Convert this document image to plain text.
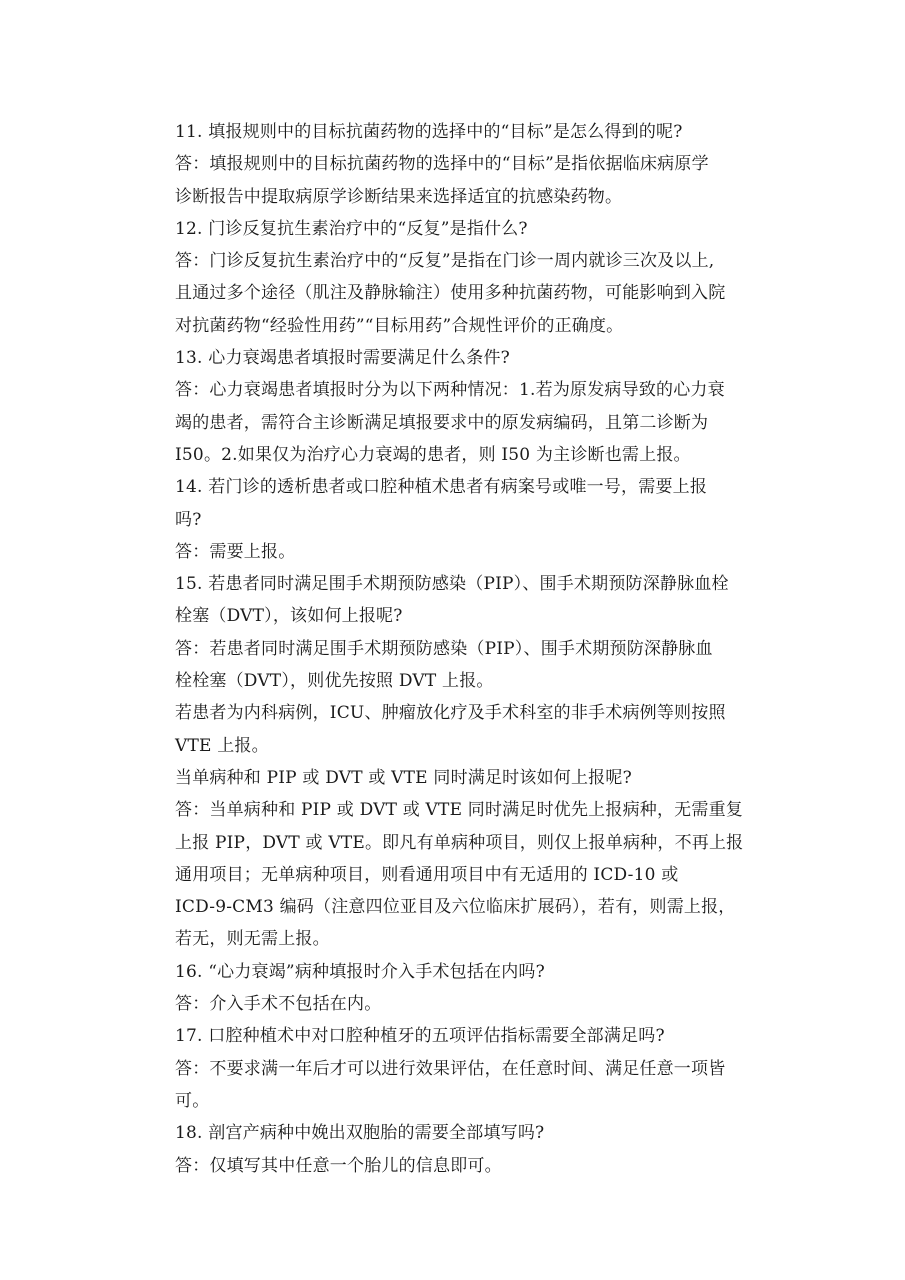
11. 填报规则中的目标抗菌药物的选择中的“目标”是怎么得到的呢?
答：填报规则中的目标抗菌药物的选择中的“目标”是指依据临床病原学
诊断报告中提取病原学诊断结果来选择适宜的抗感染药物。
12. 门诊反复抗生素治疗中的“反复”是指什么?
答：门诊反复抗生素治疗中的“反复”是指在门诊一周内就诊三次及以上,
且通过多个途径（肌注及静脉输注）使用多种抗菌药物，可能影响到入院
对抗菌药物“经验性用药”“目标用药”合规性评价的正确度。
13. 心力衰竭患者填报时需要满足什么条件?
答：心力衰竭患者填报时分为以下两种情况：1.若为原发病导致的心力衰
竭的患者，需符合主诊断满足填报要求中的原发病编码，且第二诊断为
I50。2.如果仅为治疗心力衰竭的患者，则 I50 为主诊断也需上报。
14. 若门诊的透析患者或口腔种植术患者有病案号或唯一号，需要上报
吗?
答：需要上报。
15. 若患者同时满足围手术期预防感染（PIP）、围手术期预防深静脉血栓
栓塞（DVT），该如何上报呢?
答：若患者同时满足围手术期预防感染（PIP）、围手术期预防深静脉血
栓栓塞（DVT），则优先按照 DVT 上报。
若患者为内科病例，ICU、肿瘤放化疗及手术科室的非手术病例等则按照
VTE 上报。
当单病种和 PIP 或 DVT 或 VTE 同时满足时该如何上报呢?
答：当单病种和 PIP 或 DVT 或 VTE 同时满足时优先上报病种，无需重复
上报 PIP，DVT 或 VTE。即凡有单病种项目，则仅上报单病种，不再上报
通用项目；无单病种项目，则看通用项目中有无适用的 ICD-10 或
ICD-9-CM3 编码（注意四位亚目及六位临床扩展码），若有，则需上报，
若无，则无需上报。
16. “心力衰竭”病种填报时介入手术包括在内吗?
答：介入手术不包括在内。
17. 口腔种植术中对口腔种植牙的五项评估指标需要全部满足吗?
答：不要求满一年后才可以进行效果评估，在任意时间、满足任意一项皆
可。
18. 剖宫产病种中娩出双胞胎的需要全部填写吗?
答：仅填写其中任意一个胎儿的信息即可。
